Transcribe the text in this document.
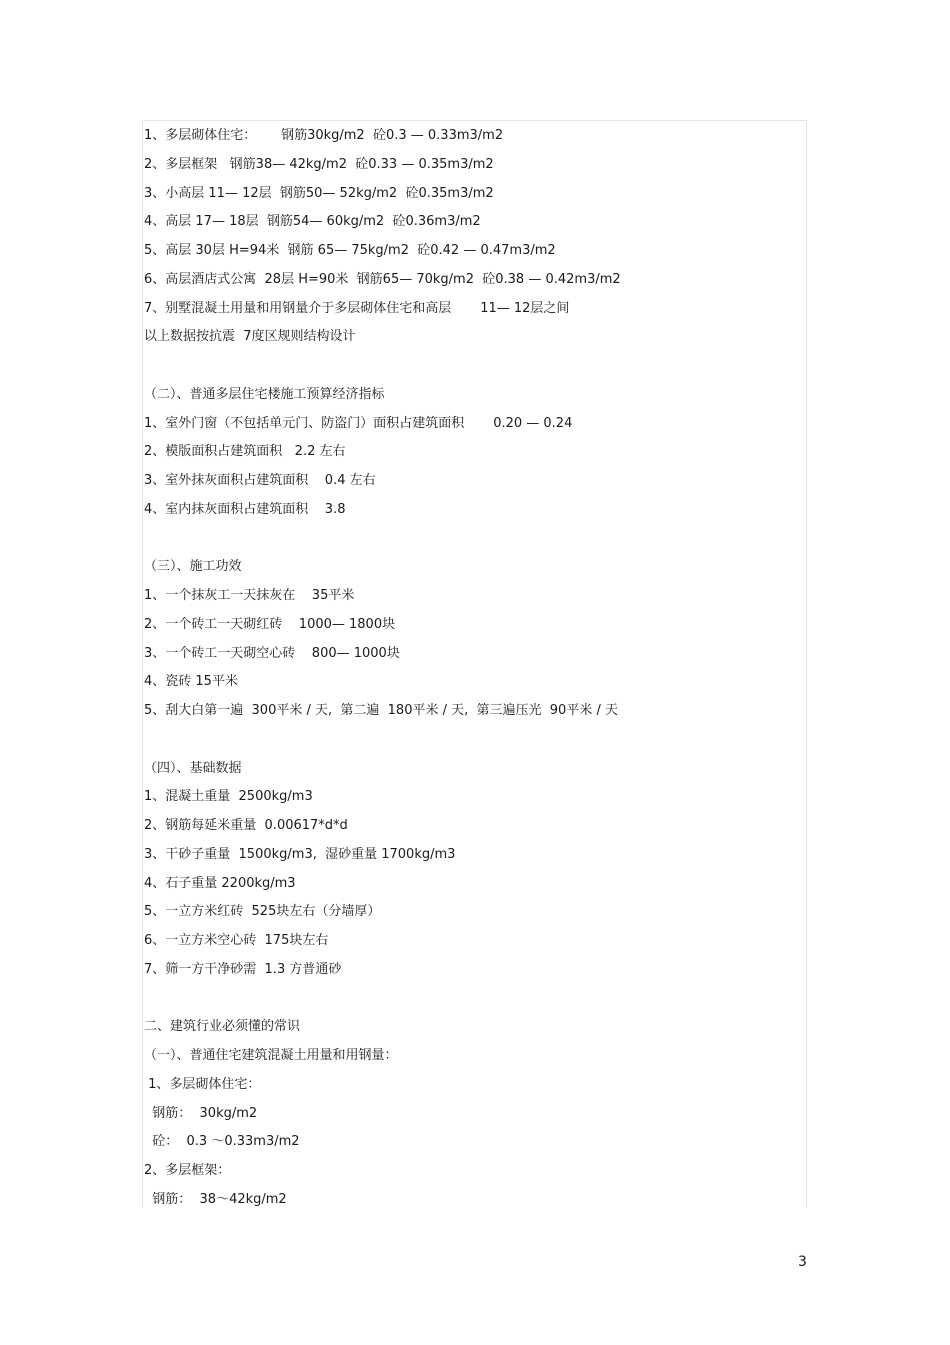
1、多层砌体住宅：      钢筋30kg/m2  砼0.3 — 0.33m3/m2
2、多层框架   钢筋38— 42kg/m2  砼0.33 — 0.35m3/m2
3、小高层 11— 12层  钢筋50— 52kg/m2  砼0.35m3/m2
4、高层 17— 18层  钢筋54— 60kg/m2  砼0.36m3/m2
5、高层 30层 H=94米  钢筋 65— 75kg/m2  砼0.42 — 0.47m3/m2
6、高层酒店式公寓  28层 H=90米  钢筋65— 70kg/m2  砼0.38 — 0.42m3/m2
7、别墅混凝土用量和用钢量介于多层砌体住宅和高层       11— 12层之间
以上数据按抗震  7度区规则结构设计
（二）、普通多层住宅楼施工预算经济指标
1、室外门窗（不包括单元门、防盗门）面积占建筑面积       0.20 — 0.24
2、模版面积占建筑面积   2.2 左右
3、室外抹灰面积占建筑面积    0.4 左右
4、室内抹灰面积占建筑面积    3.8
（三）、施工功效
1、一个抹灰工一天抹灰在    35平米
2、一个砖工一天砌红砖    1000— 1800块
3、一个砖工一天砌空心砖    800— 1000块
4、瓷砖 15平米
5、刮大白第一遍  300平米 / 天,  第二遍  180平米 / 天,  第三遍压光  90平米 / 天
（四）、基础数据
1、混凝土重量  2500kg/m3
2、钢筋每延米重量  0.00617*d*d
3、干砂子重量  1500kg/m3,  湿砂重量 1700kg/m3
4、石子重量 2200kg/m3
5、一立方米红砖  525块左右（分墙厚）
6、一立方米空心砖  175块左右
7、筛一方干净砂需  1.3 方普通砂
二、建筑行业必须懂的常识
（一）、普通住宅建筑混凝土用量和用钢量：
1、多层砌体住宅：
钢筋：  30kg/m2
砼：  0.3 ～0.33m3/m2
2、多层框架：
钢筋：  38～42kg/m2
3
